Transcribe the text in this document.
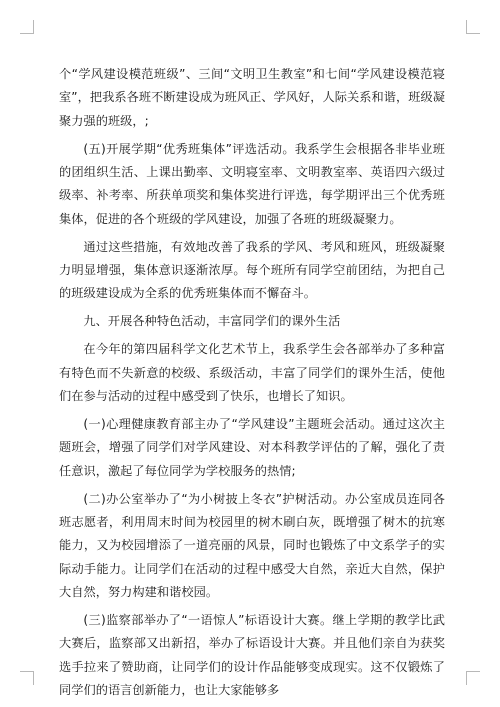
个“学风建设模范班级”、三间“文明卫生教室”和七间“学风建设模范寝室”，把我系各班不断建设成为班风正、学风好，人际关系和谐，班级凝聚力强的班级，;

(五)开展学期“优秀班集体”评选活动。我系学生会根据各非毕业班的团组织生活、上课出勤率、文明寝室率、文明教室率、英语四六级过级率、补考率、所获单项奖和集体奖进行评选，每学期评出三个优秀班集体，促进的各个班级的学风建设，加强了各班的班级凝聚力。

通过这些措施，有效地改善了我系的学风、考风和班风，班级凝聚力明显增强，集体意识逐渐浓厚。每个班所有同学空前团结，为把自己的班级建设成为全系的优秀班集体而不懈奋斗。

九、开展各种特色活动，丰富同学们的课外生活

在今年的第四届科学文化艺术节上，我系学生会各部举办了多种富有特色而不失新意的校级、系级活动，丰富了同学们的课外生活，使他们在参与活动的过程中感受到了快乐，也增长了知识。

(一)心理健康教育部主办了“学风建设”主题班会活动。通过这次主题班会，增强了同学们对学风建设、对本科教学评估的了解，强化了责任意识，激起了每位同学为学校服务的热情;

(二)办公室举办了“为小树披上冬衣”护树活动。办公室成员连同各班志愿者，利用周末时间为校园里的树木刷白灰，既增强了树木的抗寒能力，又为校园增添了一道亮丽的风景，同时也锻炼了中文系学子的实际动手能力。让同学们在活动的过程中感受大自然，亲近大自然，保护大自然，努力构建和谐校园。

(三)监察部举办了“一语惊人”标语设计大赛。继上学期的教学比武大赛后，监察部又出新招，举办了标语设计大赛。并且他们亲自为获奖选手拉来了赞助商，让同学们的设计作品能够变成现实。这不仅锻炼了同学们的语言创新能力，也让大家能够多
